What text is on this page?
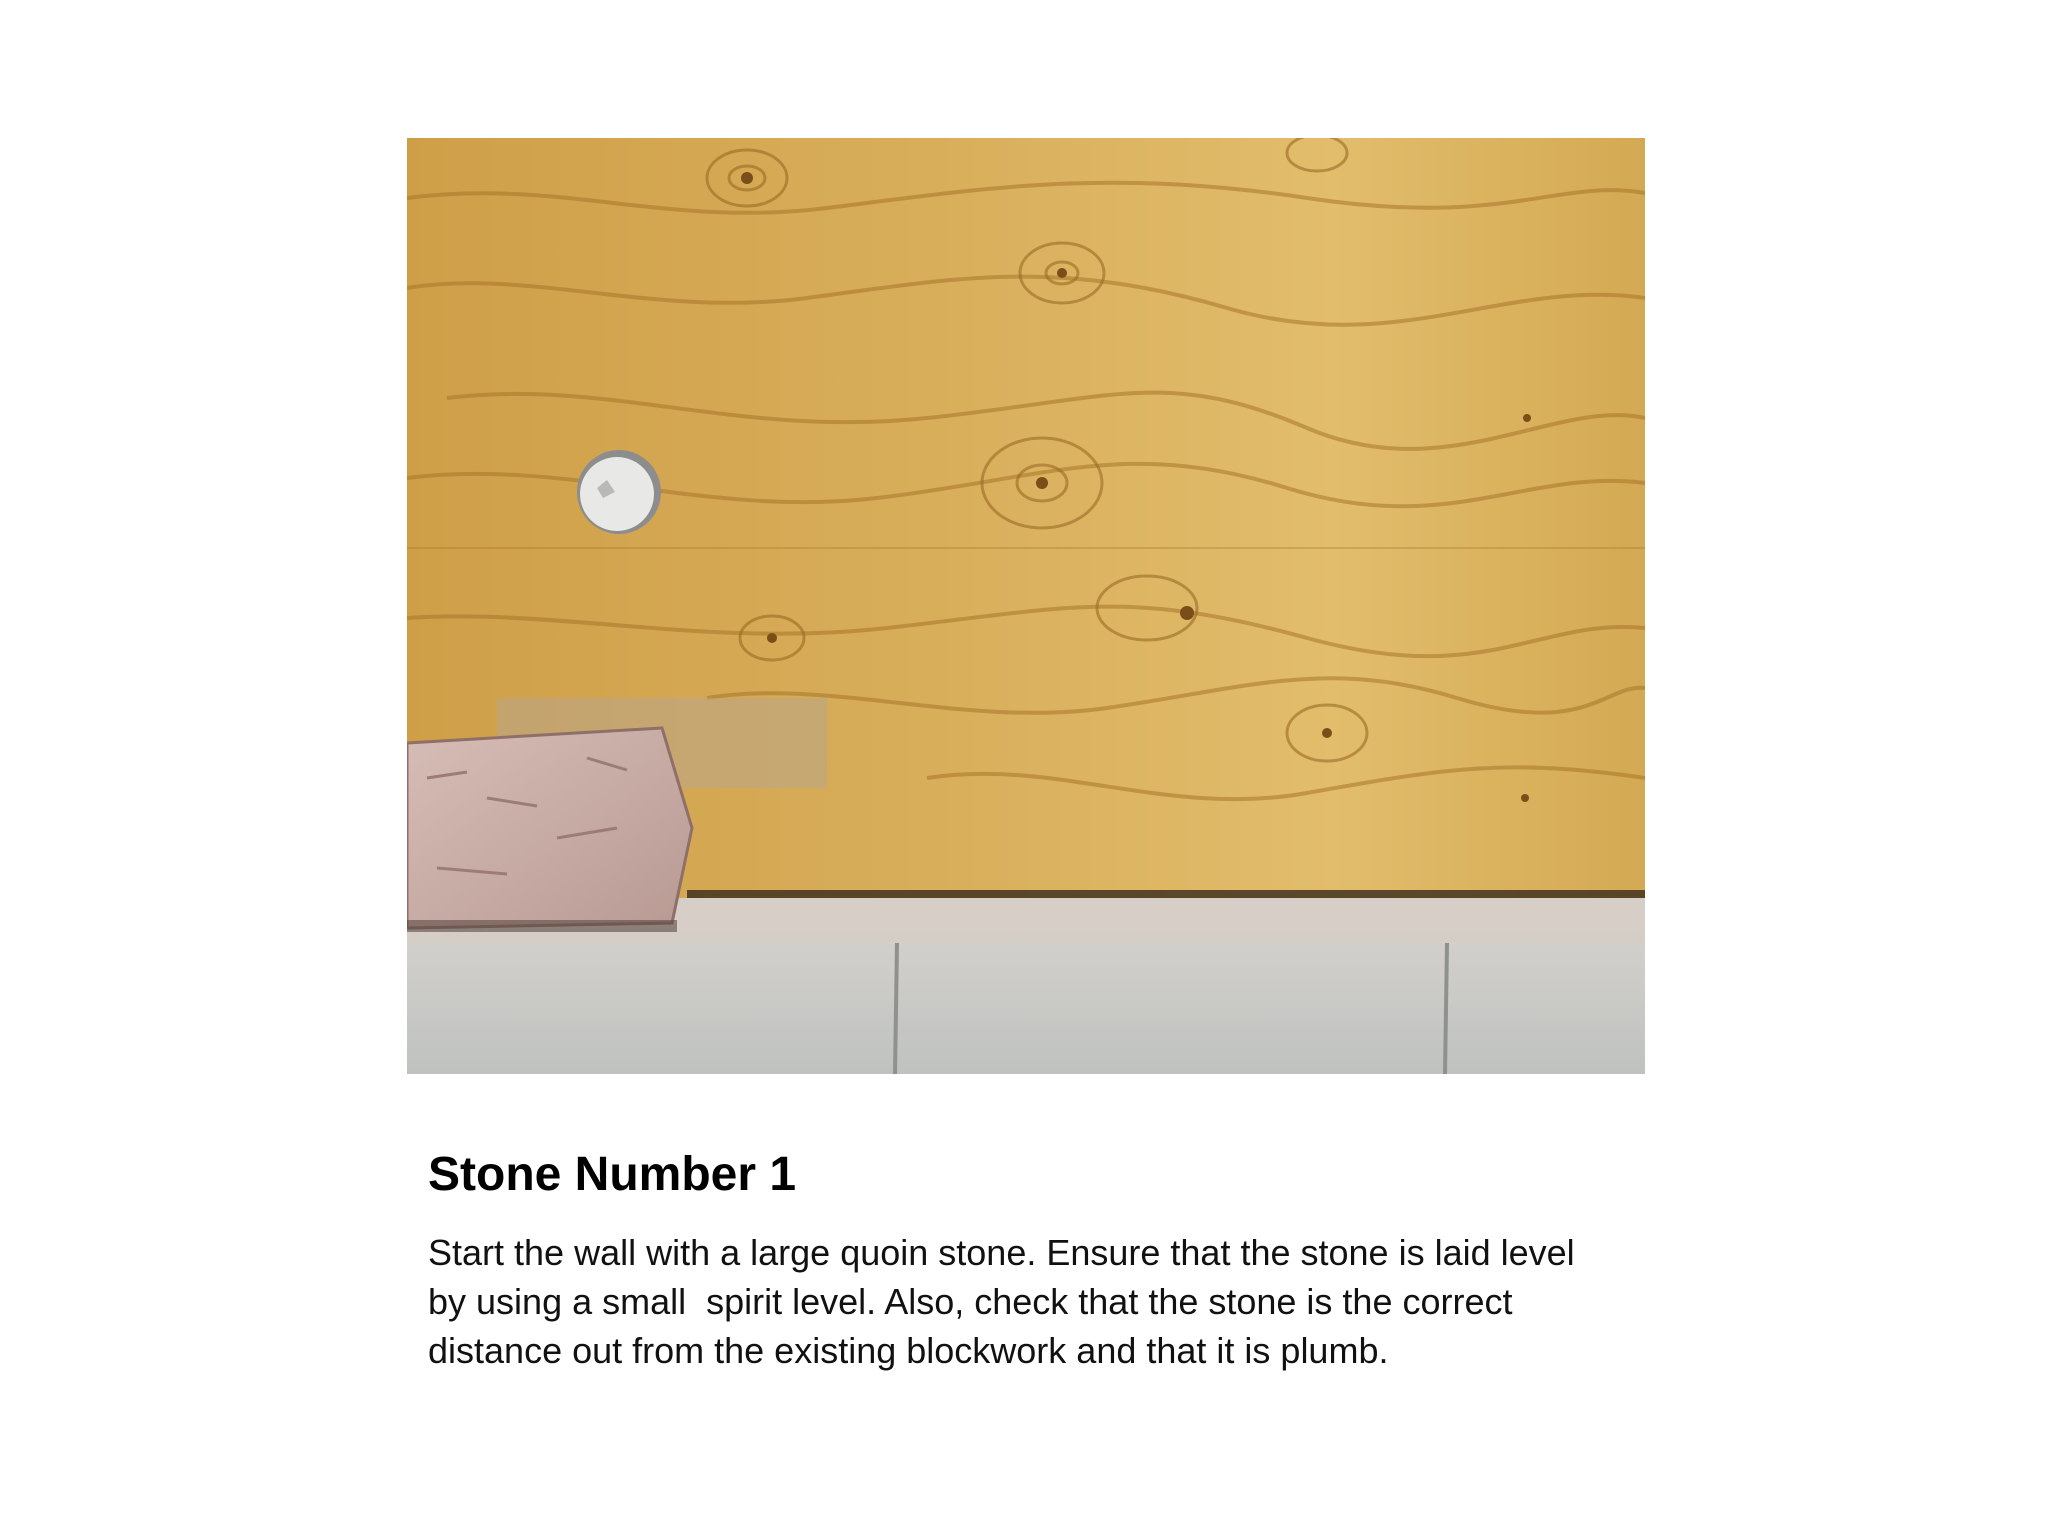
Stone Number 1

Start the wall with a large quoin stone. Ensure that the stone is laid level
by using a small  spirit level. Also, check that the stone is the correct
distance out from the existing blockwork and that it is plumb.
